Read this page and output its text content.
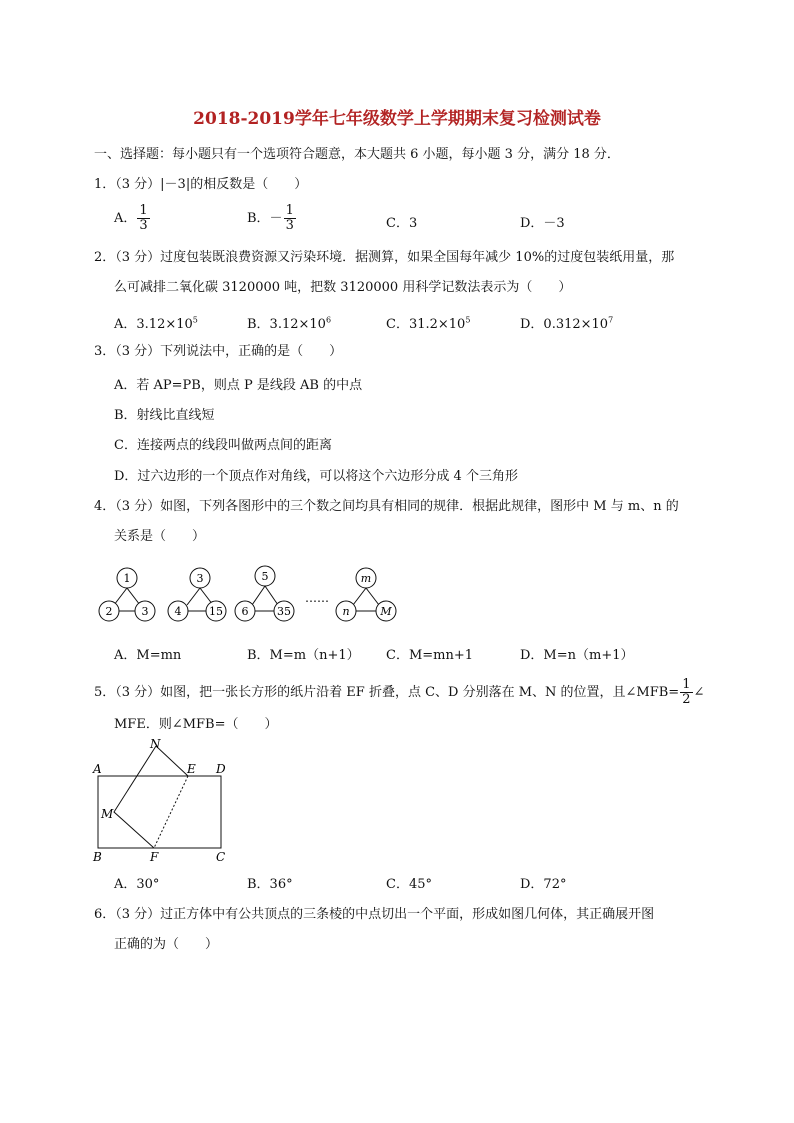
2018-2019学年七年级数学上学期期末复习检测试卷
一、选择题：每小题只有一个选项符合题意，本大题共 6 小题，每小题 3 分，满分 18 分．
1．（3 分）|－3|的相反数是（　　）
A． $\frac{1}{3}$	B．－ $\frac{1}{3}$	C．3	D．－3
2．（3 分）过度包装既浪费资源又污染环境．据测算，如果全国每年减少 10%的过度包装纸用量，那
么可减排二氧化碳 3120000 吨，把数 3120000 用科学记数法表示为（　　）
A．$3.12\times 10^5$	B．$3.12\times 10^6$	C．$31.2\times 10^5$	D．$0.312\times 10^7$
3．（3 分）下列说法中，正确的是（　　）
A．若 AP=PB，则点 P 是线段 AB 的中点
B．射线比直线短
C．连接两点的线段叫做两点间的距离
D．过六边形的一个顶点作对角线，可以将这个六边形分成 4 个三角形
4．（3 分）如图，下列各图形中的三个数之间均具有相同的规律．根据此规律，图形中 M 与 m、n 的
关系是（　　）
1
2	3
3
4	15
5
6	35
……
m
n	M
A．M=mn	B．M=m（n+1） C．M=mn+1	D．M=n（m+1）
5．（3 分）如图，把一张长方形的纸片沿着 EF 折叠，点 C、D 分别落在 M、N 的位置，且∠MFB= $\frac{1}{2}$ ∠
MFE．则∠MFB=（　　）
A	D
E
N
M
B	F	C
A．30°	B．36°	C．45°	D．72°
6．（3 分）过正方体中有公共顶点的三条棱的中点切出一个平面，形成如图几何体，其正确展开图
正确的为（　　）
